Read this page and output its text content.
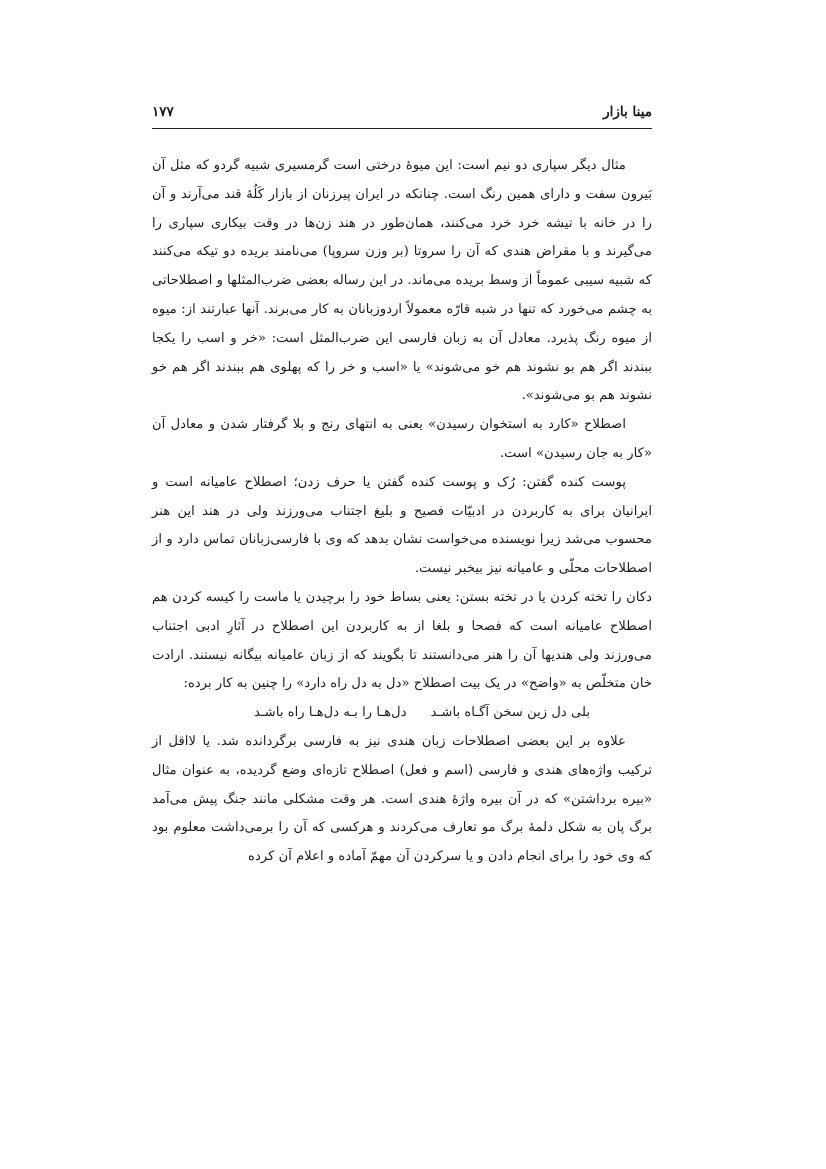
مینا بازار
۱۷۷

مثال دیگر سپاری دو نیم است: این میوهٔ درختی است گرمسیری شبیه گردو که مثل آن بَیرون سفت و دارای همین رنگ است. چنانکه در ایران پیرزنان از بازار کَلُهٔ قند می‌آرند و آن را در خانه با تیشه خرد خرد می‌کنند، همان‌طور در هند زن‌ها در وقت بیکاری سپاری را می‌گیرند و با مقراض هندی که آن را سروتا (بر وزن سروپا) می‌نامند بریده دو تیکه می‌کنند که شبیه سیبی عموماً از وسط بریده می‌ماند. در این رساله بعضی ضرب‌المثلها و اصطلاحاتی به چشم می‌خورد که تنها در شبه قارّه معمولاً اردوزبانان به کار می‌برند. آنها عبارتند از: میوه از میوه رنگ پذیرد. معادل آن به زبان فارسی این ضرب‌المثل است: «خر و اسب را یکجا ببندند اگر هم بو نشوند هم خو می‌شوند» یا «اسب و خر را که پهلوی هم ببندند اگر هم خو نشوند هم بو می‌شوند».

اصطلاح «کارد به استخوان رسیدن» یعنی به انتهای رنج و بلا گرفتار شدن و معادل آن «کار به جان رسیدن» است.

پوست کنده گفتن: رُک و پوست کنده گفتن یا حرف زدن؛ اصطلاح عامیانه است و ایرانیان برای به کاربردن در ادبیّات فصیح و بلیغ اجتناب می‌ورزند ولی در هند این هنر محسوب می‌شد زیرا نویسنده می‌خواست نشان بدهد که وی با فارسی‌زبانان تماس دارد و از اصطلاحات محلّی و عامیانه نیز بیخبر نیست.

دکان را تخته کردن یا در تخته بستن: یعنی بساط خود را برچیدن یا ماست را کیسه کردن هم اصطلاح عامیانه است که فصحا و بلغا از به کاربردن این اصطلاح در آثارِ ادبی اجتناب می‌ورزند ولی هندیها آن را هنر می‌دانستند تا بگویند که از زبان عامیانه بیگانه نیستند. ارادت خان متخلّص به «واضح» در یک بیت اصطلاح «دل به دل راه دارد» را چنین به کار برده:

بلی دل زین سخن آگـاه باشـد
دل‌هـا را بـه دل‌هـا راه باشـد

علاوه بر این بعضی اصطلاحات زبان هندی نیز به فارسی برگردانده شد. یا لااقل از ترکیب واژه‌های هندی و فارسی (اسم و فعل) اصطلاح تازه‌ای وضع گردیده، به عنوان مثال «بیره برداشتن» که در آن بیره واژهٔ هندی است. هر وقت مشکلی مانند جنگ پیش می‌آمد برگ پان به شکل دلمهٔ برگ مو تعارف می‌کردند و هرکسی که آن را برمی‌داشت معلوم بود که وی خود را برای انجام دادن و یا سرکردن آن مهمّ آماده و اعلام آن کرده
